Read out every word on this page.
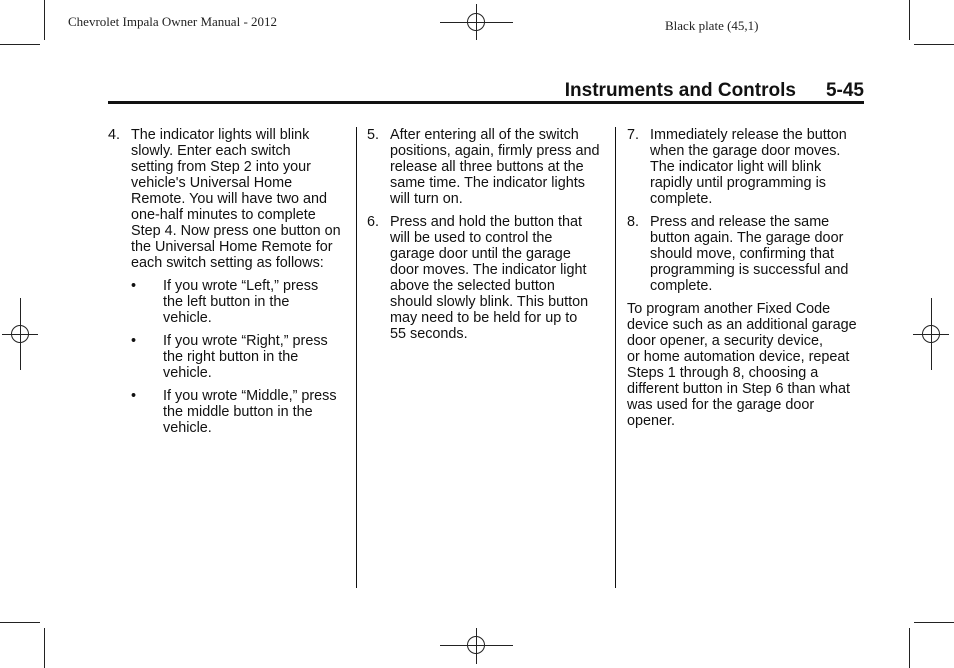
Chevrolet Impala Owner Manual - 2012	Black plate (45,1)
Instruments and Controls 5-45
4. The indicator lights will blink
slowly. Enter each switch
setting from Step 2 into your
vehicle's Universal Home
Remote. You will have two and
one-half minutes to complete
Step 4. Now press one button on
the Universal Home Remote for
each switch setting as follows:
•	If you wrote “Left,” press
the left button in the
vehicle.
•	If you wrote “Right,” press
the right button in the
vehicle.
•	If you wrote “Middle,” press
the middle button in the
vehicle.
5. After entering all of the switch
positions, again, firmly press and
release all three buttons at the
same time. The indicator lights
will turn on.
6. Press and hold the button that
will be used to control the
garage door until the garage
door moves. The indicator light
above the selected button
should slowly blink. This button
may need to be held for up to
55 seconds.
7. Immediately release the button
when the garage door moves.
The indicator light will blink
rapidly until programming is
complete.
8. Press and release the same
button again. The garage door
should move, confirming that
programming is successful and
complete.
To program another Fixed Code
device such as an additional garage
door opener, a security device,
or home automation device, repeat
Steps 1 through 8, choosing a
different button in Step 6 than what
was used for the garage door
opener.
